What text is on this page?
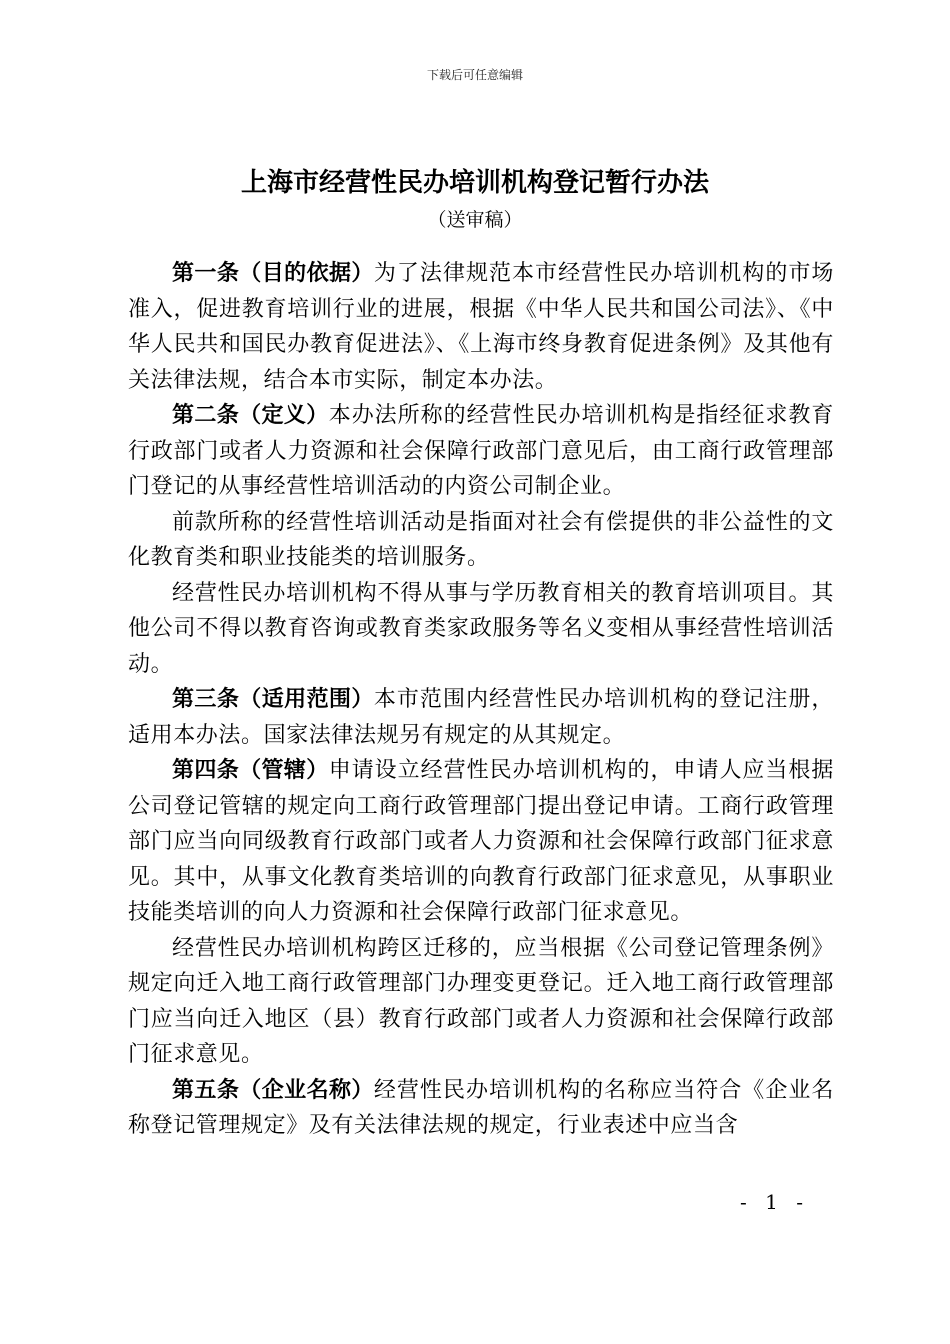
下载后可任意编辑
上海市经营性民办培训机构登记暂行办法
（送审稿）

第一条（目的依据）为了法律规范本市经营性民办培训机构的市场准入，促进教育培训行业的进展，根据《中华人民共和国公司法》、《中华人民共和国民办教育促进法》、《上海市终身教育促进条例》及其他有关法律法规，结合本市实际，制定本办法。

第二条（定义）本办法所称的经营性民办培训机构是指经征求教育行政部门或者人力资源和社会保障行政部门意见后，由工商行政管理部门登记的从事经营性培训活动的内资公司制企业。

前款所称的经营性培训活动是指面对社会有偿提供的非公益性的文化教育类和职业技能类的培训服务。

经营性民办培训机构不得从事与学历教育相关的教育培训项目。其他公司不得以教育咨询或教育类家政服务等名义变相从事经营性培训活动。

第三条（适用范围）本市范围内经营性民办培训机构的登记注册，适用本办法。国家法律法规另有规定的从其规定。

第四条（管辖）申请设立经营性民办培训机构的，申请人应当根据公司登记管辖的规定向工商行政管理部门提出登记申请。工商行政管理部门应当向同级教育行政部门或者人力资源和社会保障行政部门征求意见。其中，从事文化教育类培训的向教育行政部门征求意见，从事职业技能类培训的向人力资源和社会保障行政部门征求意见。

经营性民办培训机构跨区迁移的，应当根据《公司登记管理条例》规定向迁入地工商行政管理部门办理变更登记。迁入地工商行政管理部门应当向迁入地区（县）教育行政部门或者人力资源和社会保障行政部门征求意见。

第五条（企业名称）经营性民办培训机构的名称应当符合《企业名称登记管理规定》及有关法律法规的规定，行业表述中应当含

- 1 -
